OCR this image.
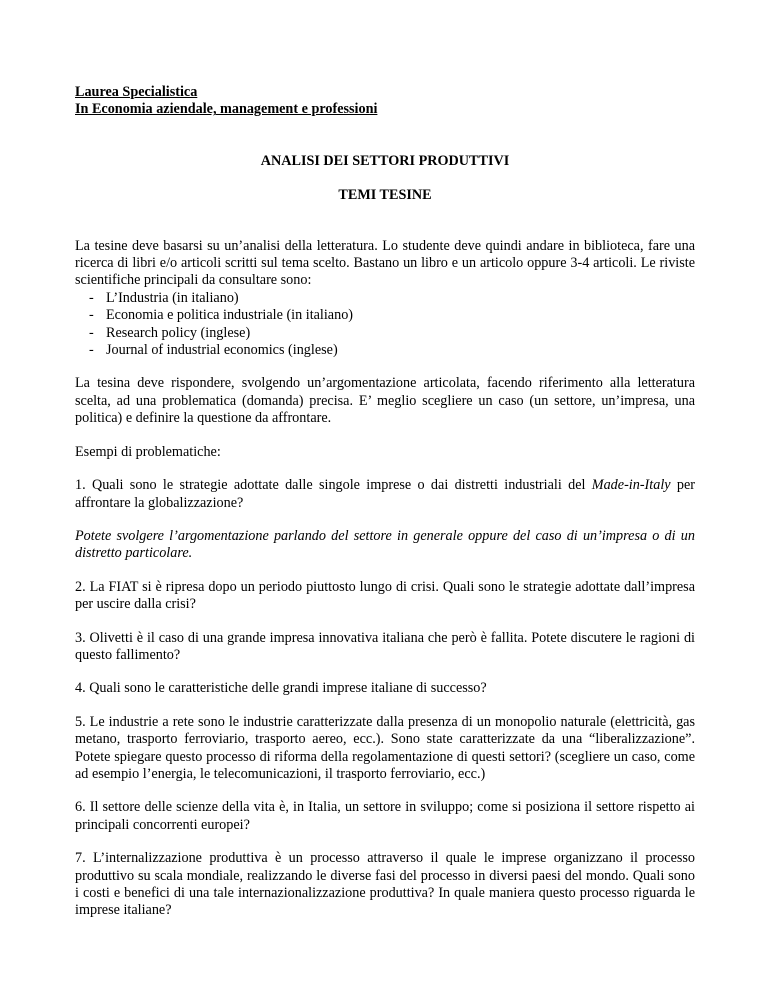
Laurea Specialistica
In Economia aziendale, management e professioni
ANALISI DEI SETTORI PRODUTTIVI
TEMI TESINE

La tesine deve basarsi su un’analisi della letteratura. Lo studente deve quindi andare in biblioteca, fare una ricerca di libri e/o articoli scritti sul tema scelto. Bastano un libro e un articolo oppure 3-4 articoli. Le riviste scientifiche principali da consultare sono:

- L’Industria (in italiano)
- Economia e politica industriale (in italiano)
- Research policy (inglese)
- Journal of industrial economics (inglese)

La tesina deve rispondere, svolgendo un’argomentazione articolata, facendo riferimento alla letteratura scelta, ad una problematica (domanda) precisa. E’ meglio scegliere un caso (un settore, un’impresa, una politica) e definire la questione da affrontare.

Esempi di problematiche:

1. Quali sono le strategie adottate dalle singole imprese o dai distretti industriali del Made-in-Italy per affrontare la globalizzazione?

Potete svolgere l’argomentazione parlando del settore in generale oppure del caso di un’impresa o di un distretto particolare.

2. La FIAT si è ripresa dopo un periodo piuttosto lungo di crisi. Quali sono le strategie adottate dall’impresa per uscire dalla crisi?

3. Olivetti è il caso di una grande impresa innovativa italiana che però è fallita. Potete discutere le ragioni di questo fallimento?

4. Quali sono le caratteristiche delle grandi imprese italiane di successo?

5. Le industrie a rete sono le industrie caratterizzate dalla presenza di un monopolio naturale (elettricità, gas metano, trasporto ferroviario, trasporto aereo, ecc.). Sono state caratterizzate da una “liberalizzazione”. Potete spiegare questo processo di riforma della regolamentazione di questi settori? (scegliere un caso, come ad esempio l’energia, le telecomunicazioni, il trasporto ferroviario, ecc.)

6. Il settore delle scienze della vita è, in Italia, un settore in sviluppo; come si posiziona il settore rispetto ai principali concorrenti europei?

7. L’internalizzazione produttiva è un processo attraverso il quale le imprese organizzano il processo produttivo su scala mondiale, realizzando le diverse fasi del processo in diversi paesi del mondo. Quali sono i costi e benefici di una tale internazionalizzazione produttiva? In quale maniera questo processo riguarda le imprese italiane?
